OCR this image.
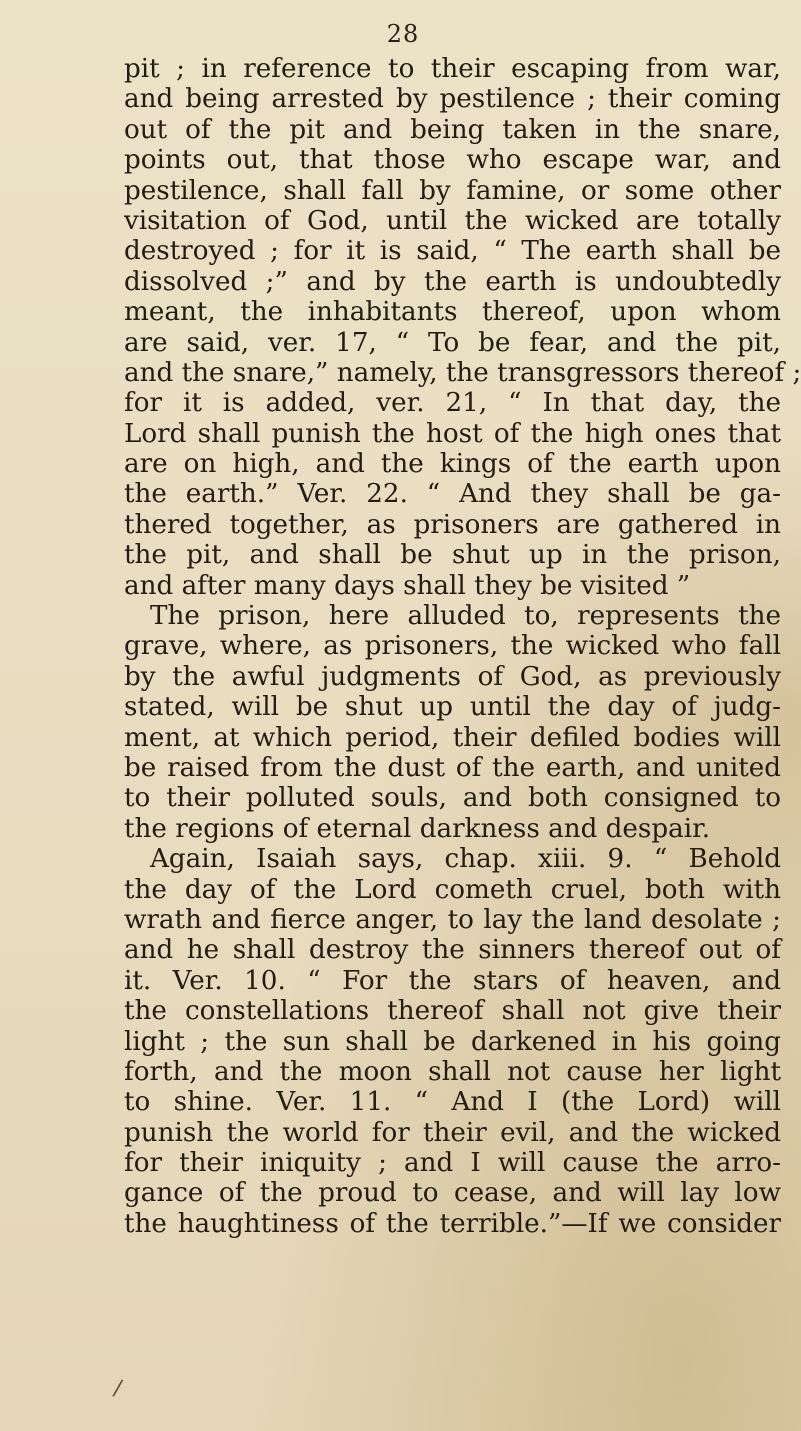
28
pit ; in reference to their escaping from war,
and being arrested by pestilence ; their coming
out of the pit and being taken in the snare,
points out, that those who escape war, and
pestilence, shall fall by famine, or some other
visitation of God, until the wicked are totally
destroyed ; for it is said, “ The earth shall be
dissolved ;” and by the earth is undoubtedly
meant, the inhabitants thereof, upon whom
are said, ver. 17, “ To be fear, and the pit,
and the snare,” namely, the transgressors thereof ;
for it is added, ver. 21, “ In that day, the
Lord shall punish the host of the high ones that
are on high, and the kings of the earth upon
the earth.” Ver. 22. “ And they shall be ga-
thered together, as prisoners are gathered in
the pit, and shall be shut up in the prison,
and after many days shall they be visited ”
The prison, here alluded to, represents the
grave, where, as prisoners, the wicked who fall
by the awful judgments of God, as previously
stated, will be shut up until the day of judg-
ment, at which period, their defiled bodies will
be raised from the dust of the earth, and united
to their polluted souls, and both consigned to
the regions of eternal darkness and despair.
Again, Isaiah says, chap. xiii. 9. “ Behold
the day of the Lord cometh cruel, both with
wrath and fierce anger, to lay the land desolate ;
and he shall destroy the sinners thereof out of
it. Ver. 10. “ For the stars of heaven, and
the constellations thereof shall not give their
light ; the sun shall be darkened in his going
forth, and the moon shall not cause her light
to shine. Ver. 11. “ And I (the Lord) will
punish the world for their evil, and the wicked
for their iniquity ; and I will cause the arro-
gance of the proud to cease, and will lay low
the haughtiness of the terrible.”—If we consider
/
